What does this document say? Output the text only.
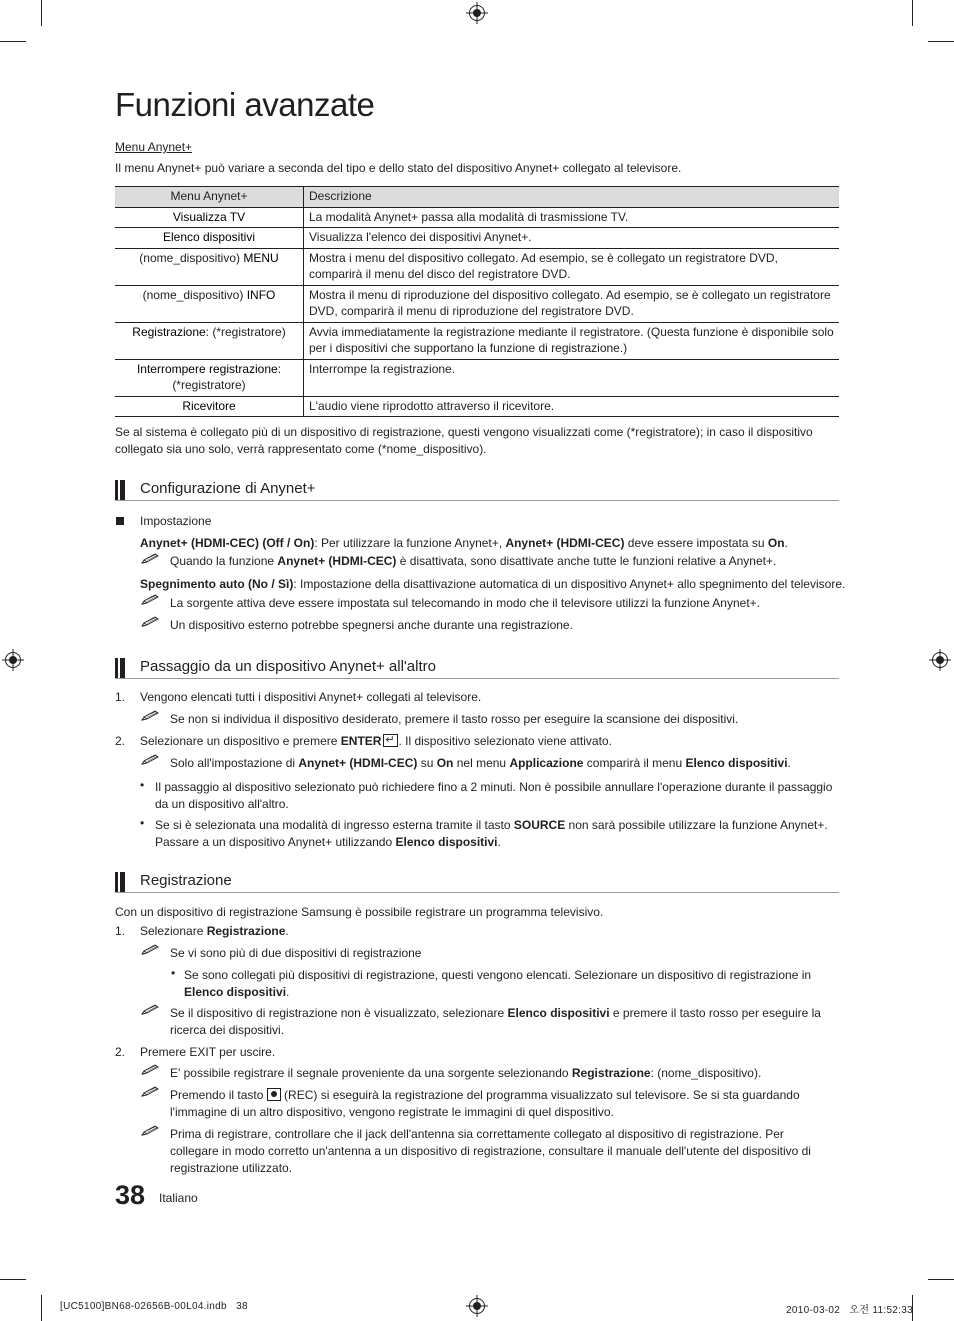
Funzioni avanzate
Menu Anynet+
Il menu Anynet+ può variare a seconda del tipo e dello stato del dispositivo Anynet+ collegato al televisore.
Menu Anynet+	Descrizione
Visualizza TV	La modalità Anynet+ passa alla modalità di trasmissione TV.
Elenco dispositivi	Visualizza l'elenco dei dispositivi Anynet+.
(nome_dispositivo) MENU	Mostra i menu del dispositivo collegato. Ad esempio, se è collegato un registratore DVD, comparirà il menu del disco del registratore DVD.
(nome_dispositivo) INFO	Mostra il menu di riproduzione del dispositivo collegato. Ad esempio, se è collegato un registratore DVD, comparirà il menu di riproduzione del registratore DVD.
Registrazione: (*registratore)	Avvia immediatamente la registrazione mediante il registratore. (Questa funzione è disponibile solo per i dispositivi che supportano la funzione di registrazione.)
Interrompere registrazione: (*registratore)	Interrompe la registrazione.
Ricevitore	L'audio viene riprodotto attraverso il ricevitore.
Se al sistema è collegato più di un dispositivo di registrazione, questi vengono visualizzati come (*registratore); in caso il dispositivo collegato sia uno solo, verrà rappresentato come (*nome_dispositivo).
Configurazione di Anynet+
Impostazione
Anynet+ (HDMI-CEC) (Off / On): Per utilizzare la funzione Anynet+, Anynet+ (HDMI-CEC) deve essere impostata su On.
Quando la funzione Anynet+ (HDMI-CEC) è disattivata, sono disattivate anche tutte le funzioni relative a Anynet+.
Spegnimento auto (No / Sì): Impostazione della disattivazione automatica di un dispositivo Anynet+ allo spegnimento del televisore.
La sorgente attiva deve essere impostata sul telecomando in modo che il televisore utilizzi la funzione Anynet+.
Un dispositivo esterno potrebbe spegnersi anche durante una registrazione.
Passaggio da un dispositivo Anynet+ all'altro
1. Vengono elencati tutti i dispositivi Anynet+ collegati al televisore.
Se non si individua il dispositivo desiderato, premere il tasto rosso per eseguire la scansione dei dispositivi.
2. Selezionare un dispositivo e premere ENTER ↵ . Il dispositivo selezionato viene attivato.
Solo all'impostazione di Anynet+ (HDMI-CEC) su On nel menu Applicazione comparirà il menu Elenco dispositivi.
• Il passaggio al dispositivo selezionato può richiedere fino a 2 minuti. Non è possibile annullare l'operazione durante il passaggio da un dispositivo all'altro.
• Se si è selezionata una modalità di ingresso esterna tramite il tasto SOURCE non sarà possibile utilizzare la funzione Anynet+. Passare a un dispositivo Anynet+ utilizzando Elenco dispositivi.
Registrazione
Con un dispositivo di registrazione Samsung è possibile registrare un programma televisivo.
1. Selezionare Registrazione.
Se vi sono più di due dispositivi di registrazione
• Se sono collegati più dispositivi di registrazione, questi vengono elencati. Selezionare un dispositivo di registrazione in Elenco dispositivi.
Se il dispositivo di registrazione non è visualizzato, selezionare Elenco dispositivi e premere il tasto rosso per eseguire la ricerca dei dispositivi.
2. Premere EXIT per uscire.
E' possibile registrare il segnale proveniente da una sorgente selezionando Registrazione: (nome_dispositivo).
Premendo il tasto  (REC) si eseguirà la registrazione del programma visualizzato sul televisore. Se si sta guardando l'immagine di un altro dispositivo, vengono registrate le immagini di quel dispositivo.
Prima di registrare, controllare che il jack dell'antenna sia correttamente collegato al dispositivo di registrazione. Per collegare in modo corretto un'antenna a un dispositivo di registrazione, consultare il manuale dell'utente del dispositivo di registrazione utilizzato.
38 Italiano
[UC5100]BN68-02656B-00L04.indb   38	2010-03-02   오전 11:52:33
